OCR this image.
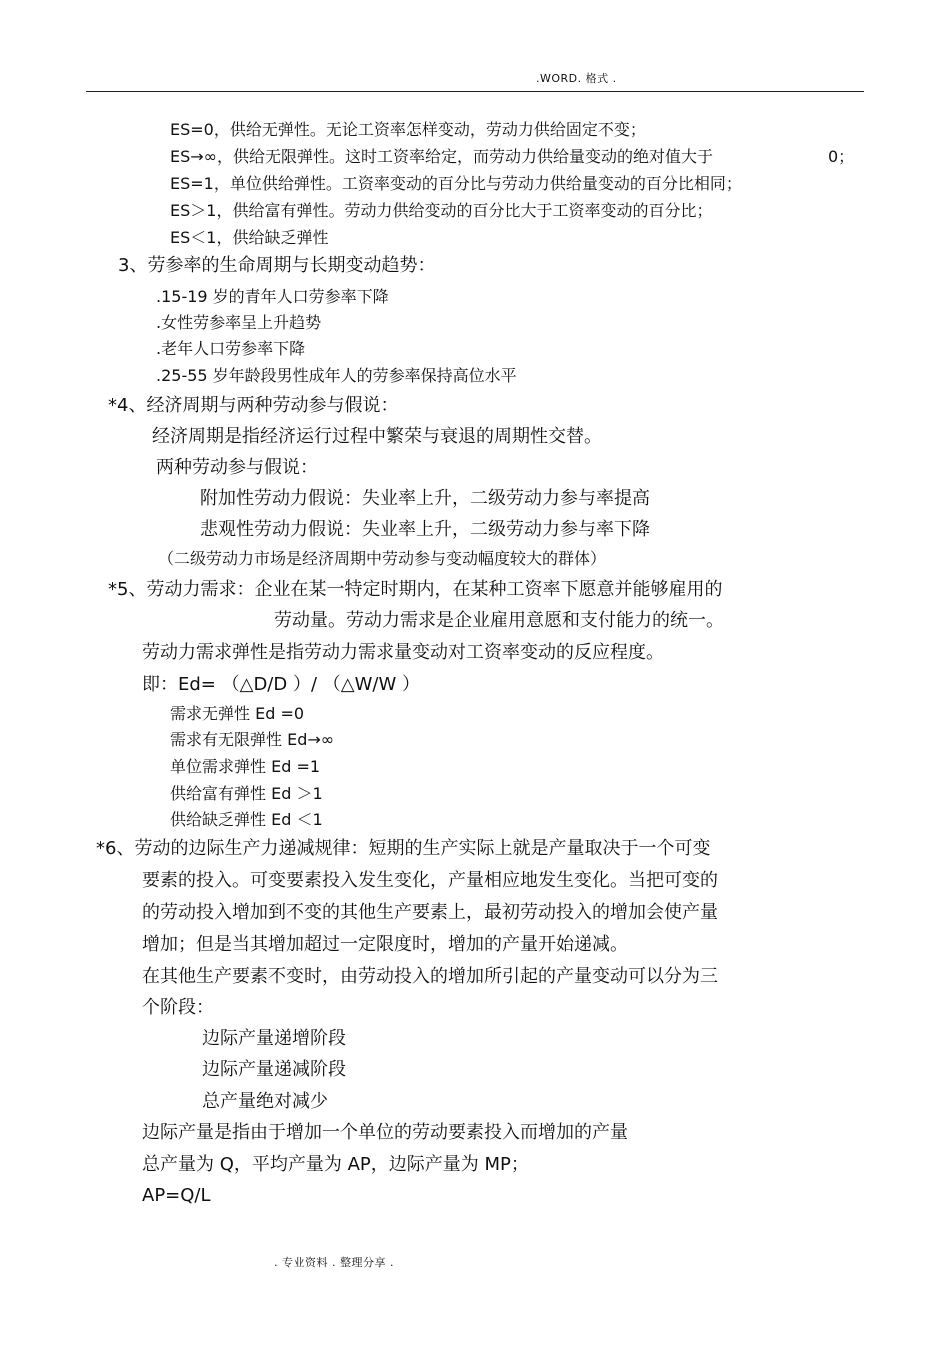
.WORD. 格式 .
ES=0，供给无弹性。无论工资率怎样变动，劳动力供给固定不变；
ES→∞，供给无限弹性。这时工资率给定，而劳动力供给量变动的绝对值大于	0；
ES=1，单位供给弹性。工资率变动的百分比与劳动力供给量变动的百分比相同；
ES＞1，供给富有弹性。劳动力供给变动的百分比大于工资率变动的百分比；
ES＜1，供给缺乏弹性
3、劳参率的生命周期与长期变动趋势：
.15-19 岁的青年人口劳参率下降
.女性劳参率呈上升趋势
.老年人口劳参率下降
.25-55 岁年龄段男性成年人的劳参率保持高位水平
*4、经济周期与两种劳动参与假说：
经济周期是指经济运行过程中繁荣与衰退的周期性交替。
两种劳动参与假说：
附加性劳动力假说：失业率上升，二级劳动力参与率提高
悲观性劳动力假说：失业率上升，二级劳动力参与率下降
（二级劳动力市场是经济周期中劳动参与变动幅度较大的群体）
*5、劳动力需求：企业在某一特定时期内，在某种工资率下愿意并能够雇用的
劳动量。劳动力需求是企业雇用意愿和支付能力的统一。
劳动力需求弹性是指劳动力需求量变动对工资率变动的反应程度。
即：Ed= （△D/D ）/ （△W/W ）
需求无弹性 Ed =0
需求有无限弹性 Ed→∞
单位需求弹性 Ed =1
供给富有弹性 Ed ＞1
供给缺乏弹性 Ed ＜1
*6、劳动的边际生产力递减规律：短期的生产实际上就是产量取决于一个可变
要素的投入。可变要素投入发生变化，产量相应地发生变化。当把可变的
的劳动投入增加到不变的其他生产要素上，最初劳动投入的增加会使产量
增加；但是当其增加超过一定限度时，增加的产量开始递减。
在其他生产要素不变时，由劳动投入的增加所引起的产量变动可以分为三
个阶段：
边际产量递增阶段
边际产量递减阶段
总产量绝对减少
边际产量是指由于增加一个单位的劳动要素投入而增加的产量
总产量为 Q，平均产量为 AP，边际产量为 MP；
AP=Q/L
. 专业资料 . 整理分享 .
